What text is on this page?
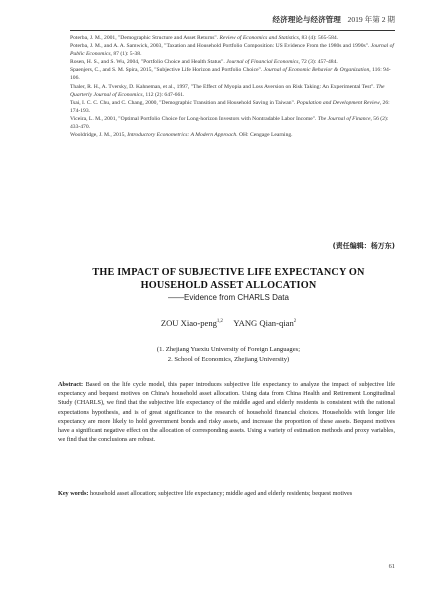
经济理论与经济管理 2019 年第 2 期

Poterba, J. M., 2001, "Demographic Structure and Asset Returns". Review of Economics and Statistics, 83 (4): 565-584.

Poterba, J. M., and A. A. Samwick, 2003, "Taxation and Household Portfolio Composition: US Evidence From the 1980s and 1990s". Journal of Public Economics, 87 (1): 5-38.

Rosen, H. S., and S. Wu, 2004, "Portfolio Choice and Health Status". Journal of Financial Economics, 72 (3): 457-484.

Spaenjers, C., and S. M. Spira, 2015, "Subjective Life Horizon and Portfolio Choice". Journal of Economic Behavior & Organization, 116: 94-106.

Thaler, R. H., A. Tversky, D. Kahneman, et al., 1997, "The Effect of Myopia and Loss Aversion on Risk Taking: An Experimental Test". The Quarterly Journal of Economics, 112 (2): 647-661.

Tsai, I. C. C. Chu, and C. Chang, 2000, "Demographic Transition and Household Saving in Taiwan". Population and Development Review, 26: 174-193.

Viceira, L. M., 2001, "Optimal Portfolio Choice for Long-horizon Investors with Nontradable Labor Income". The Journal of Finance, 56 (2): 433-470.

Wooldridge, J. M., 2015, Introductory Econometrics: A Modern Approach. OH: Cengage Learning.

(责任编辑：杨万东)
THE IMPACT OF SUBJECTIVE LIFE EXPECTANCY ON
HOUSEHOLD ASSET ALLOCATION
——Evidence from CHARLS Data
ZOU Xiao-peng$^{1,2}$ YANG Qian-qian$^2$
(1. Zhejiang Yuexiu University of Foreign Languages;
2. School of Economics, Zhejiang University)
Abstract: Based on the life cycle model, this paper introduces subjective life expectancy to analyze the impact of subjective life expectancy and bequest motives on China's household asset allocation. Using data from China Health and Retirement Longitudinal Study (CHARLS), we find that the subjective life expectancy of the middle aged and elderly residents is consistent with the rational expectations hypothesis, and is of great significance to the research of household financial choices. Households with longer life expectancy are more likely to hold government bonds and risky assets, and increase the proportion of these assets. Bequest motives have a significant negative effect on the allocation of corresponding assets. Using a variety of estimation methods and proxy variables, we find that the conclusions are robust.
Key words: household asset allocation; subjective life expectancy; middle aged and elderly residents; bequest motives
61
